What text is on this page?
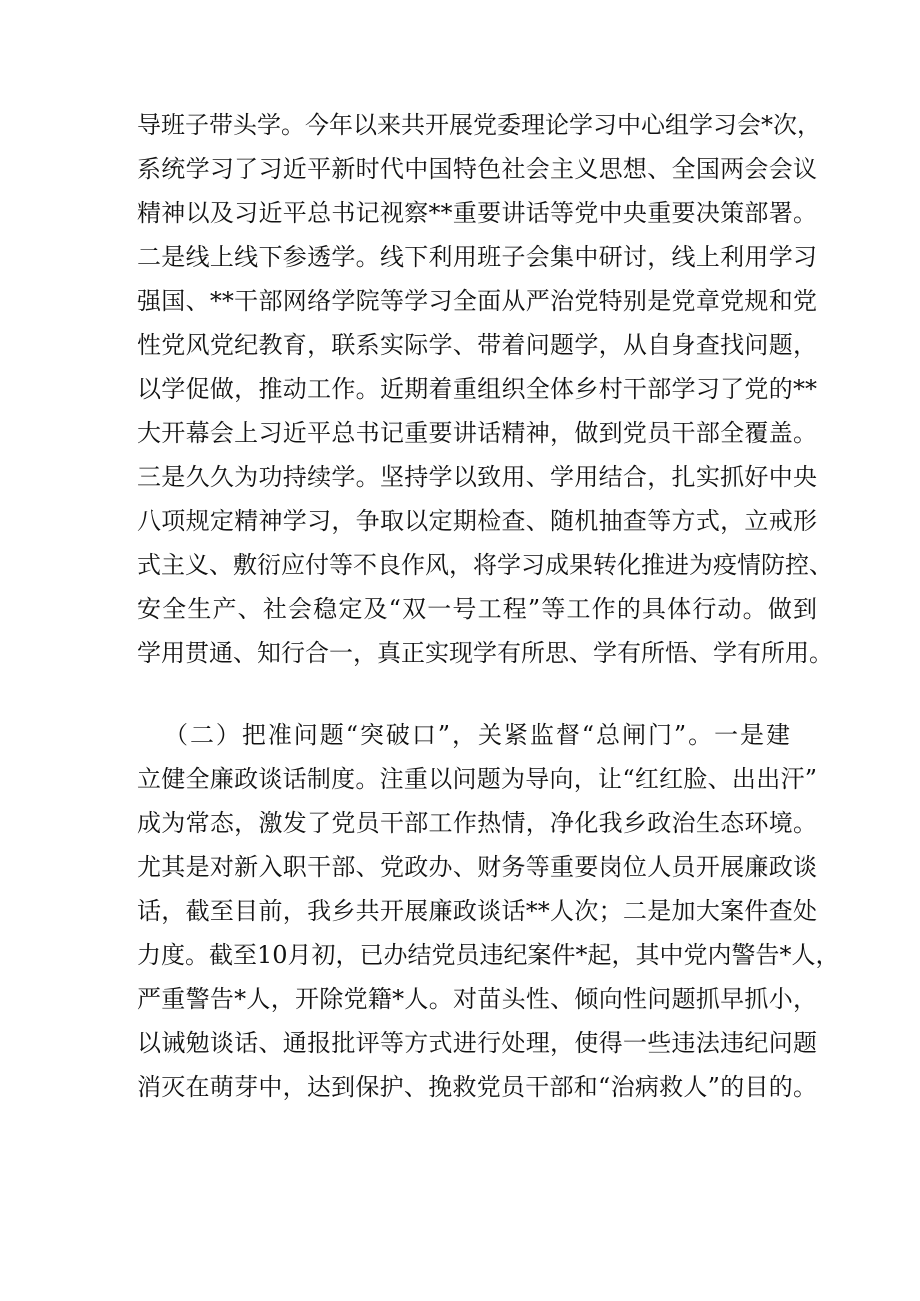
导班子带头学。今年以来共开展党委理论学习中心组学习会*次，
系统学习了习近平新时代中国特色社会主义思想、全国两会会议
精神以及习近平总书记视察**重要讲话等党中央重要决策部署。
二是线上线下参透学。线下利用班子会集中研讨，线上利用学习
强国、**干部网络学院等学习全面从严治党特别是党章党规和党
性党风党纪教育，联系实际学、带着问题学，从自身查找问题，
以学促做，推动工作。近期着重组织全体乡村干部学习了党的**
大开幕会上习近平总书记重要讲话精神，做到党员干部全覆盖。
三是久久为功持续学。坚持学以致用、学用结合，扎实抓好中央
八项规定精神学习，争取以定期检查、随机抽查等方式，立戒形
式主义、敷衍应付等不良作风，将学习成果转化推进为疫情防控、
安全生产、社会稳定及“双一号工程”等工作的具体行动。做到
学用贯通、知行合一，真正实现学有所思、学有所悟、学有所用。
（二）把准问题“突破口”，关紧监督“总闸门”。一是建
立健全廉政谈话制度。注重以问题为导向，让“红红脸、出出汗”
成为常态，激发了党员干部工作热情，净化我乡政治生态环境。
尤其是对新入职干部、党政办、财务等重要岗位人员开展廉政谈
话，截至目前，我乡共开展廉政谈话**人次；二是加大案件查处
力度。截至10月初，已办结党员违纪案件*起，其中党内警告*人，
严重警告*人，开除党籍*人。对苗头性、倾向性问题抓早抓小，
以诫勉谈话、通报批评等方式进行处理，使得一些违法违纪问题
消灭在萌芽中，达到保护、挽救党员干部和“治病救人”的目的。
